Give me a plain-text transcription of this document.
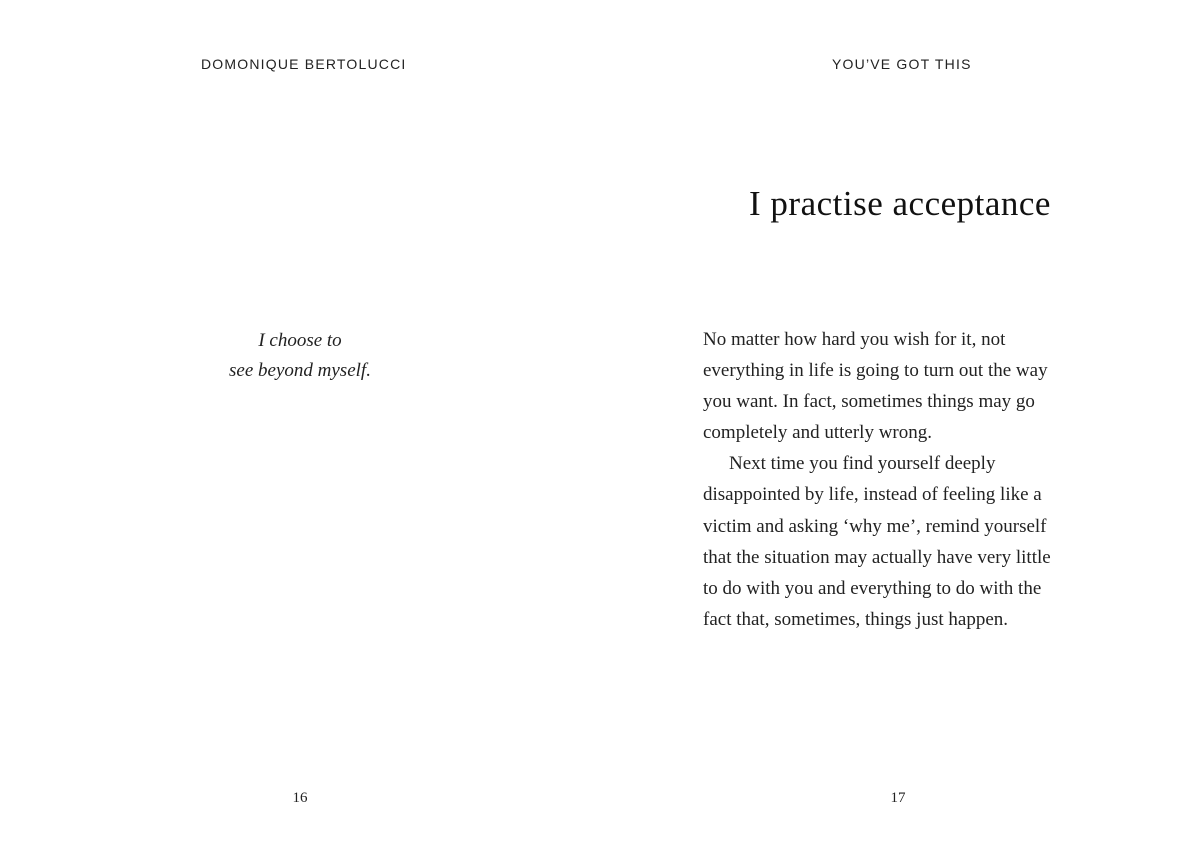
DOMONIQUE BERTOLUCCI
I choose to
see beyond myself.
16
YOU’VE GOT THIS
I practise acceptance
No matter how hard you wish for it, not
everything in life is going to turn out the way
you want. In fact, sometimes things may go
completely and utterly wrong.
Next time you find yourself deeply
disappointed by life, instead of feeling like a
victim and asking ‘why me’, remind yourself
that the situation may actually have very little
to do with you and everything to do with the
fact that, sometimes, things just happen.
17
